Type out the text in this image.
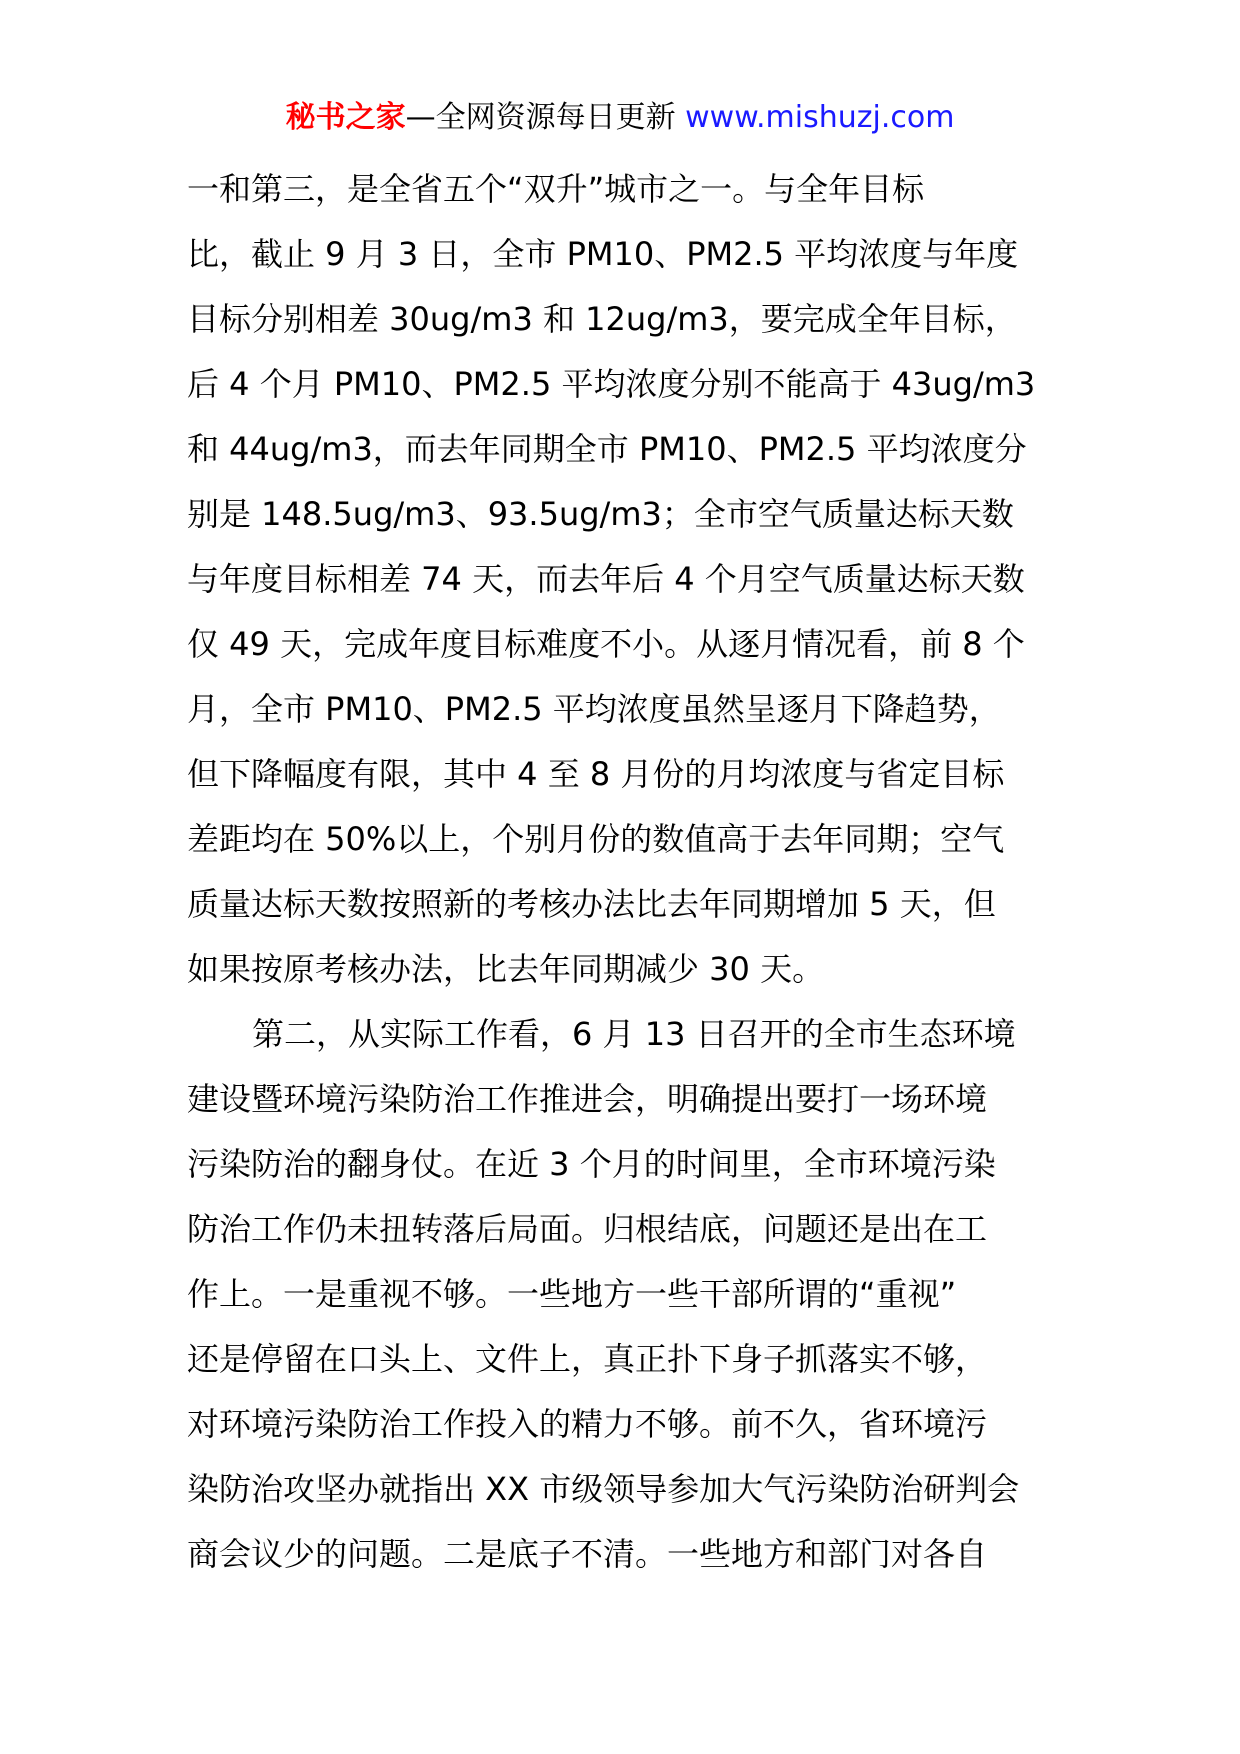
秘书之家—全网资源每日更新 www.mishuzj.com
一和第三，是全省五个“双升”城市之一。与全年目标
比，截止 9 月 3 日，全市 PM10、PM2.5 平均浓度与年度
目标分别相差 30ug/m3 和 12ug/m3，要完成全年目标，
后 4 个月 PM10、PM2.5 平均浓度分别不能高于 43ug/m3
和 44ug/m3，而去年同期全市 PM10、PM2.5 平均浓度分
别是 148.5ug/m3、93.5ug/m3；全市空气质量达标天数
与年度目标相差 74 天，而去年后 4 个月空气质量达标天数
仅 49 天，完成年度目标难度不小。从逐月情况看，前 8 个
月，全市 PM10、PM2.5 平均浓度虽然呈逐月下降趋势，
但下降幅度有限，其中 4 至 8 月份的月均浓度与省定目标
差距均在 50%以上，个别月份的数值高于去年同期；空气
质量达标天数按照新的考核办法比去年同期增加 5 天，但
如果按原考核办法，比去年同期减少 30 天。
第二，从实际工作看，6 月 13 日召开的全市生态环境
建设暨环境污染防治工作推进会，明确提出要打一场环境
污染防治的翻身仗。在近 3 个月的时间里，全市环境污染
防治工作仍未扭转落后局面。归根结底，问题还是出在工
作上。一是重视不够。一些地方一些干部所谓的“重视”
还是停留在口头上、文件上，真正扑下身子抓落实不够，
对环境污染防治工作投入的精力不够。前不久，省环境污
染防治攻坚办就指出 XX 市级领导参加大气污染防治研判会
商会议少的问题。二是底子不清。一些地方和部门对各自
